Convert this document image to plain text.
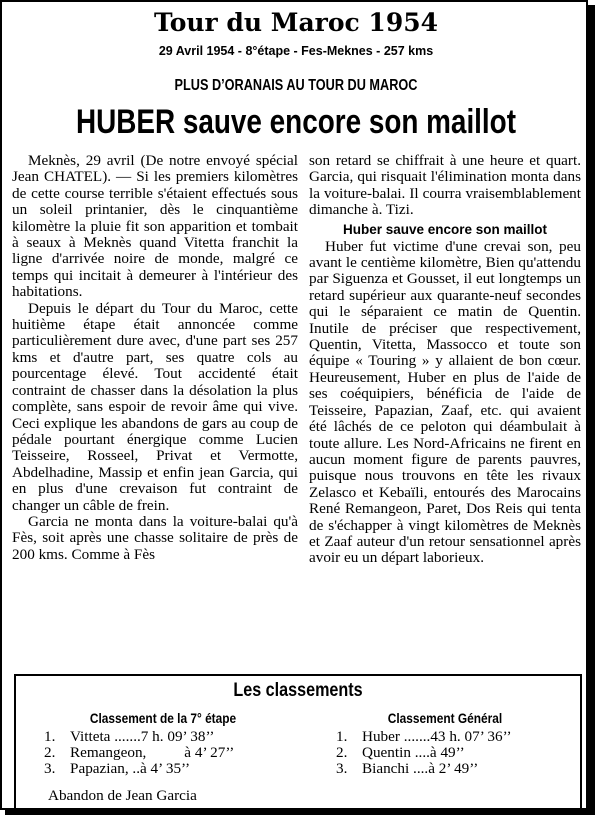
Tour du Maroc 1954
29 Avril 1954 - 8°étape - Fes-Meknes - 257 kms
PLUS D’ORANAIS AU TOUR DU MAROC
HUBER sauve encore son maillot

Meknès, 29 avril (De notre envoyé spécial Jean CHATEL). — Si les premiers kilomètres de cette course terrible s'étaient effectués sous un soleil printanier, dès le cinquantième kilomètre la pluie fit son apparition et tombait à seaux à Meknès quand Vitetta franchit la ligne d'arrivée noire de monde, malgré ce temps qui incitait à demeurer à l'intérieur des habitations.

Depuis le départ du Tour du Maroc, cette huitième étape était annoncée comme particulièrement dure avec, d'une part ses 257 kms et d'autre part, ses quatre cols au pourcentage élevé. Tout accidenté était contraint de chasser dans la désolation la plus complète, sans espoir de revoir âme qui vive. Ceci explique les abandons de gars au coup de pédale pourtant énergique comme Lucien Teisseire, Rosseel, Privat et Vermotte, Abdelhadine, Massip et enfin jean Garcia, qui en plus d'une crevaison fut contraint de changer un câble de frein.

Garcia ne monta dans la voiture-balai qu'à Fès, soit après une chasse solitaire de près de 200 kms. Comme à Fès

son retard se chiffrait à une heure et quart. Garcia, qui risquait l'élimination monta dans la voiture-balai. Il courra vraisemblablement dimanche à. Tizi.

Huber sauve encore son maillot

Huber fut victime d'une crevai son, peu avant le centième kilomètre, Bien qu'attendu par Siguenza et Gousset, il eut longtemps un retard supérieur aux quarante-neuf secondes qui le séparaient ce matin de Quentin. Inutile de préciser que respectivement, Quentin, Vitetta, Massocco et toute son équipe « Touring » y allaient de bon cœur. Heureusement, Huber en plus de l'aide de ses coéquipiers, bénéficia de l'aide de Teisseire, Papazian, Zaaf, etc. qui avaient été lâchés de ce peloton qui déambulait à toute allure. Les Nord-Africains ne firent en aucun moment figure de parents pauvres, puisque nous trouvons en tête les rivaux Zelasco et Kebaïli, entourés des Marocains René Remangeon, Paret, Dos Reis qui tenta de s'échapper à vingt kilomètres de Meknès et Zaaf auteur d'un retour sensationnel après avoir eu un départ laborieux.

Les classements
Classement de la 7° étape
1. Vitteta .......7 h. 09’ 38’’
2. Remangeon,          à 4’ 27’’
3. Papazian, ..à 4’ 35’’
Classement Général
1. Huber .......43 h. 07’ 36’’
2. Quentin ....à 49’’
3. Bianchi ....à 2’ 49’’
Abandon de Jean Garcia
